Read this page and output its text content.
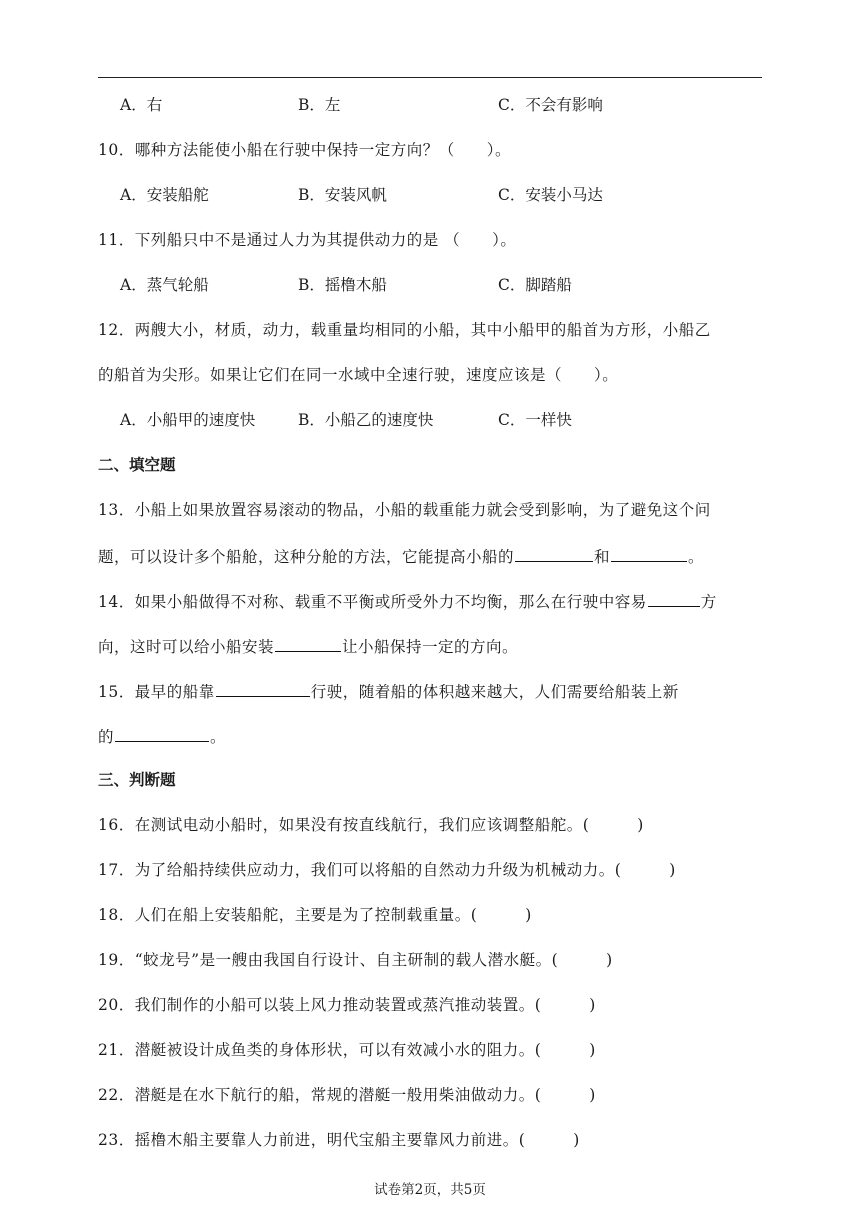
A．右	B．左	C．不会有影响
10．哪种方法能使小船在行驶中保持一定方向？（　　）。
A．安装船舵	B．安装风帆	C．安装小马达
11．下列船只中不是通过人力为其提供动力的是 （　　）。
A．蒸气轮船	B．摇橹木船	C．脚踏船
12．两艘大小，材质，动力，载重量均相同的小船，其中小船甲的船首为方形，小船乙
的船首为尖形。如果让它们在同一水域中全速行驶，速度应该是（　　）。
A．小船甲的速度快	B．小船乙的速度快	C．一样快
二、填空题
13．小船上如果放置容易滚动的物品，小船的载重能力就会受到影响，为了避免这个问
题，可以设计多个船舱，这种分舱的方法，它能提高小船的	和	。
14．如果小船做得不对称、载重不平衡或所受外力不均衡，那么在行驶中容易	方
向，这时可以给小船安装	让小船保持一定的方向。
15．最早的船靠	行驶，随着船的体积越来越大，人们需要给船装上新
的	。
三、判断题
16．在测试电动小船时，如果没有按直线航行，我们应该调整船舵。(　　　)
17．为了给船持续供应动力，我们可以将船的自然动力升级为机械动力。(　　　)
18．人们在船上安装船舵，主要是为了控制载重量。(　　　)
19．“蛟龙号”是一艘由我国自行设计、自主研制的载人潜水艇。(　　　)
20．我们制作的小船可以装上风力推动装置或蒸汽推动装置。(　　　)
21．潜艇被设计成鱼类的身体形状，可以有效减小水的阻力。(　　　)
22．潜艇是在水下航行的船，常规的潜艇一般用柴油做动力。(　　　)
23．摇橹木船主要靠人力前进，明代宝船主要靠风力前进。(　　　)
试卷第2页，共5页
